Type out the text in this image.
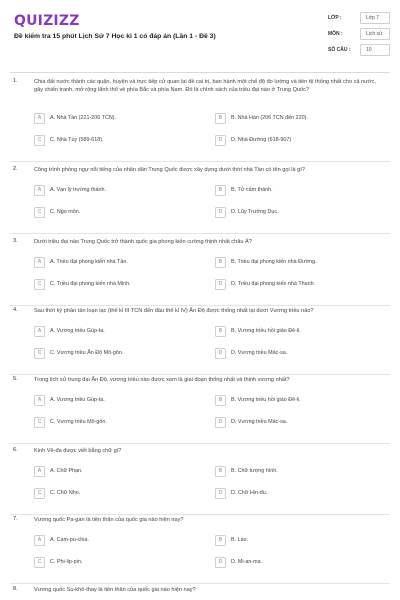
QUIZIZZ
Đề kiểm tra 15 phút Lịch Sử 7 Học kì 1 có đáp án (Lần 1 - Đề 3)
LỚP :	Lớp 7
MÔN :	Lịch sử
SỐ CÂU :	10
1.	Chia đất nước thành các quận, huyện và trực tiếp cử quan lại đề cai trị, ban hành một chế độ đo lường và tiền tệ thống nhất cho cả nước, gây chiến tranh, mở rộng lãnh thổ về phía Bắc và phía Nam. Đó là chính sách của triều đại nào ở Trung Quốc?
A	A. Nhà Tần (221-206 TCN).	B	B. Nhà Hán (206 TCN đến 220).
C	C. Nhà Tùy (589-618).	D	D. Nhà Đường (618-907)
2.	Công trình phòng ngự nổi tiếng của nhân dân Trung Quốc được xây dựng dưới thời nhà Tần có tên gọi là gì?
A	A. Vạn lý trường thành.	B	B. Tử cấm thành.
C	C. Ngọ môn.	D	D. Lũy Trường Dục.
3.	Dưới triều đại nào Trung Quốc trở thành quốc gia phong kiến cường thịnh nhất châu Á?
A	A. Triều đại phong kiến nhà Tần.	B	B. Triều đại phong kiến nhà Đường.
C	C. Triều đại phong kiến nhà Minh.	D	D. Triều đại phong kiến nhà Thanh.
4.	Sau thời kỳ phân tán loạn lạc (thế kỉ III TCN đến đầu thế kỉ IV) Ấn Độ được thống nhất lại dưới Vương triều nào?
A	A. Vương triều Gúp-ta.	B	B. Vương triều hồi giáo Đê-li.
C	C. Vương triều Ấn Độ Mô-gôn.	D	D. Vương triều Mác-sa.
5.	Trong lịch sử trung đại Ấn Độ, vương triều nào được xem là giai đoạn thống nhất và thịnh vượng nhất?
A	A. Vương triều Gúp-ta.	B	B. Vương triều hồi giáo Đê-li.
C	C. Vương triều Mô-gôn.	D	D. Vương triều Mác-sa.
6.	Kinh Vê-đa được viết bằng chữ gì?
A	A. Chữ Phạn.	B	B. Chữ tượng hình.
C	C. Chữ Nho.	D	D. Chữ Hin-đu.
7.	Vương quốc Pa-gan là tiền thân của quốc gia nào hiện nay?
A	A. Cam-pu-chia.	B	B. Lào.
C	C. Phi-lip-pin.	D	D. Mi-an-ma.
8.	Vương quốc Su-khô-thay là tiền thân của quốc gia nào hiện nay?
